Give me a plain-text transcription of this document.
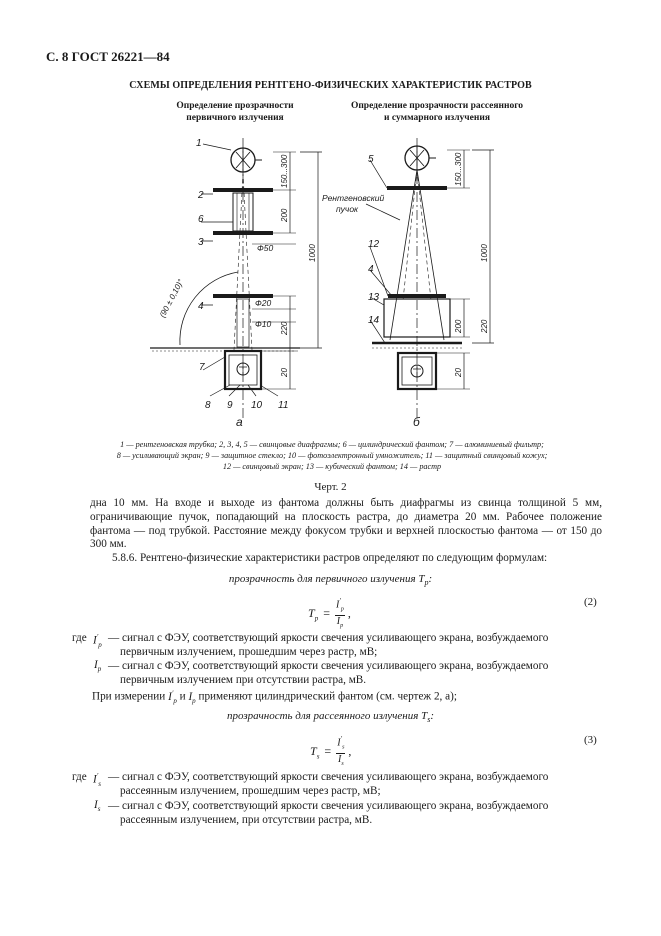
С. 8 ГОСТ 26221—84
СХЕМЫ ОПРЕДЕЛЕНИЯ РЕНТГЕНО-ФИЗИЧЕСКИХ ХАРАКТЕРИСТИК РАСТРОВ
Определение прозрачности
первичного излучения
Определение прозрачности рассеянного
и суммарного излучения
1
2
6
3
4
7
8 9 10 11
5
12
4
13
14
Рентгеновский
пучок
Ф50
Ф20
Ф10
а	б
150...300
200
1000
220
20
(90 ± 0,10)°
150...300
1000
200 220
20
1 — рентгеновская трубка; 2, 3, 4, 5 — свинцовые диафрагмы; 6 — цилиндрический фантом; 7 — алюминиевый фильтр;
8 — усиливающий экран; 9 — защитное стекло; 10 — фотоэлектронный умножитель; 11 — защитный свинцовый кожух;
12 — свинцовый экран; 13 — кубический фантом; 14 — растр
Черт. 2
дна 10 мм. На входе и выходе из фантома должны быть диафрагмы из свинца толщиной 5 мм, ограничивающие пучок, попадающий на плоскость растра, до диаметра 20 мм. Рабочее положение фантома — под трубкой. Расстояние между фокусом трубки и верхней плоскостью фантома — от 150 до 300 мм.
5.8.6. Рентгено-физические характеристики растров определяют по следующим формулам:
прозрачность для первичного излучения $T_p$:
$T_p = \frac{I'_p}{I_p}$ ,
(2)
где $I'_p$
— сигнал с ФЭУ, соответствующий яркости свечения усиливающего экрана, возбуждаемого
первичным излучением, прошедшим через растр, мВ;
$I_p$ — сигнал с ФЭУ, соответствующий яркости свечения усиливающего экрана, возбуждаемого
первичным излучением при отсутствии растра, мВ.
При измерении $I'_p$ и $I_p$ применяют цилиндрический фантом (см. чертеж 2, а);
прозрачность для рассеянного излучения $T_s$:
$T_s = \frac{I'_s}{I_s}$ ,
(3)
где $I'_s$
— сигнал с ФЭУ, соответствующий яркости свечения усиливающего экрана, возбуждаемого
рассеянным излучением, прошедшим через растр, мВ;
$I_s$ — сигнал с ФЭУ, соответствующий яркости свечения усиливающего экрана, возбуждаемого
рассеянным излучением, при отсутствии растра, мВ.
